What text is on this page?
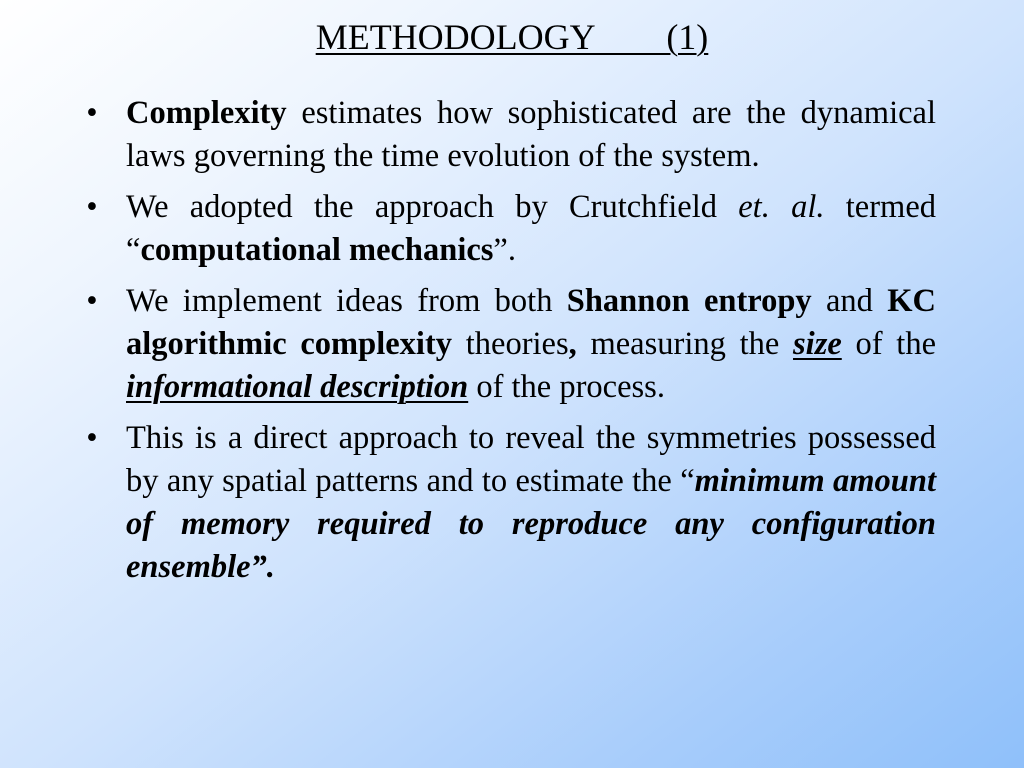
METHODOLOGY        (1)
• Complexity estimates how sophisticated are the dynamical laws governing the time evolution of the system.
• We adopted the approach by Crutchfield et. al. termed “computational mechanics”.
• We implement ideas from both Shannon entropy and KC algorithmic complexity theories, measuring the size of the informational description of the process.
• This is a direct approach to reveal the symmetries possessed by any spatial patterns and to estimate the “minimum amount of memory required to reproduce any configuration ensemble”.
